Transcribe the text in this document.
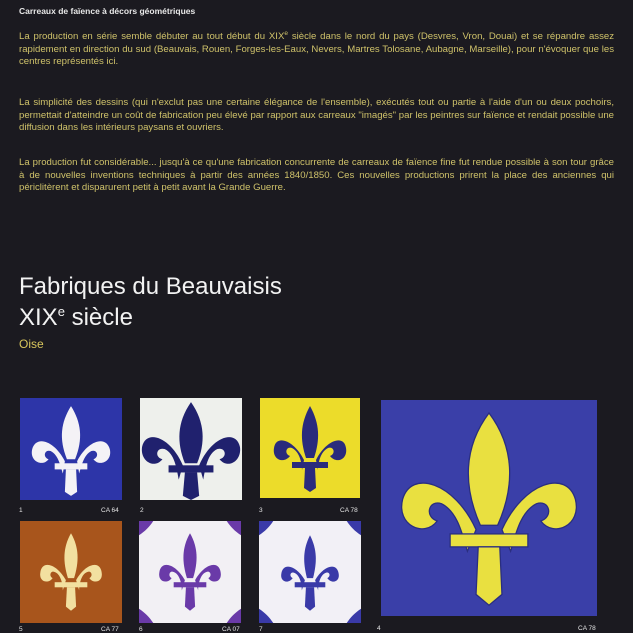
Carreaux de faïence à décors géométriques
La production en série semble débuter au tout début du XIXe siècle dans le nord du pays (Desvres, Vron, Douai) et se répandre assez rapidement en direction du sud (Beauvais, Rouen, Forges-les-Eaux, Nevers, Martres Tolosane, Aubagne, Marseille), pour n'évoquer que les centres représentés ici.
La simplicité des dessins (qui n'exclut pas une certaine élégance de l'ensemble), exécutés tout ou partie à l'aide d'un ou deux pochoirs, permettait d'atteindre un coût de fabrication peu élevé par rapport aux carreaux "imagés" par les peintres sur faïence et rendait possible une diffusion dans les intérieurs paysans et ouvriers.
La production fut considérable... jusqu'à ce qu'une fabrication concurrente de carreaux de faïence fine fut rendue possible à son tour grâce à de nouvelles inventions techniques à partir des années 1840/1850. Ces nouvelles productions prirent la place des anciennes qui périclitèrent et disparurent petit à petit avant la Grande Guerre.
Fabriques du Beauvaisis
XIXe siècle
Oise
1	CA 64	2	3	CA 78
4	CA 78
5	CA 77	6	CA 07	7
